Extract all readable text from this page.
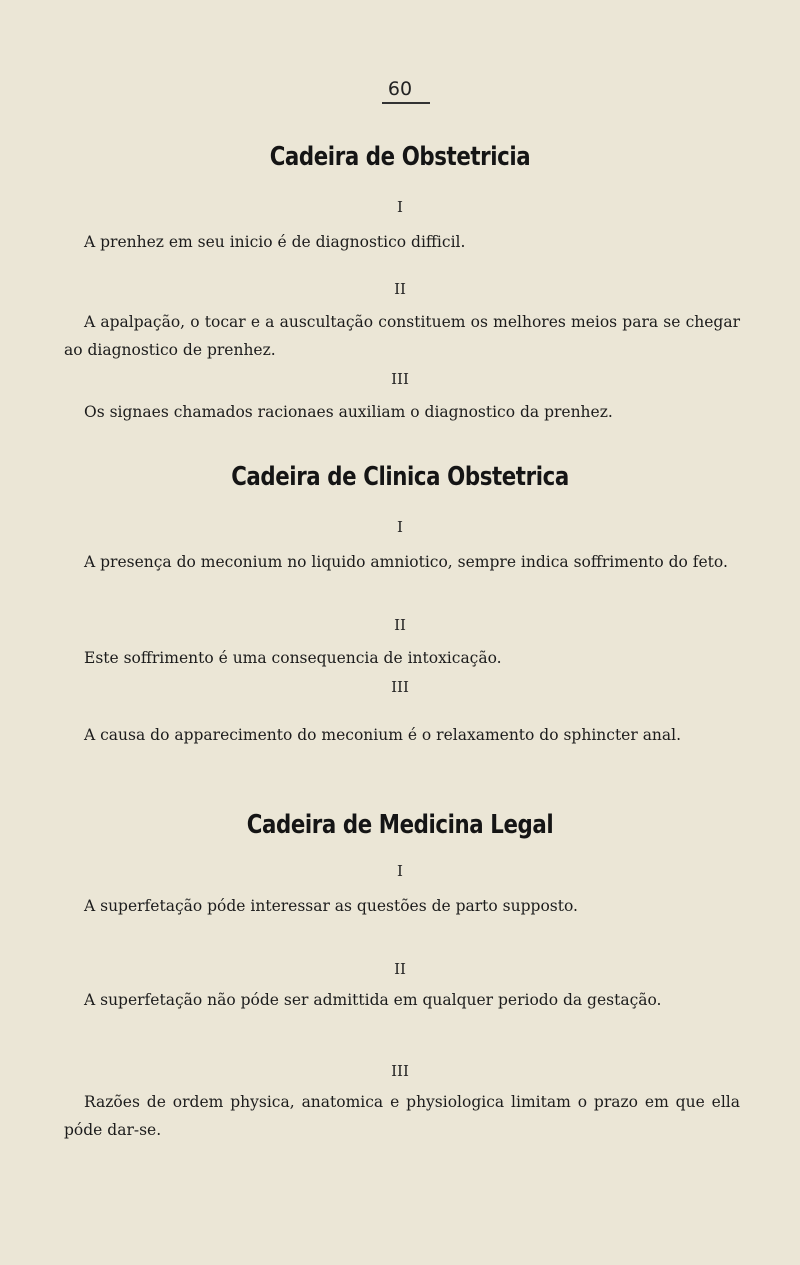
60
Cadeira de Obstetricia
I
A prenhez em seu inicio é de diagnostico difficil.
II
A apalpação, o tocar e a auscultação constituem os melhores meios para se chegar ao diagnostico de prenhez.
III
Os signaes chamados racionaes auxiliam o diagnostico da prenhez.
Cadeira de Clinica Obstetrica
I
A presença do meconium no liquido amniotico, sempre indica soffrimento do feto.
II
Este soffrimento é uma consequencia de intoxicação.
III
A causa do apparecimento do meconium é o relaxamento do sphincter anal.
Cadeira de Medicina Legal
I
A superfetação póde interessar as questões de parto supposto.
II
A superfetação não póde ser admittida em qualquer periodo da gestação.
III
Razões de ordem physica, anatomica e physiologica limitam o prazo em que ella póde dar-se.
